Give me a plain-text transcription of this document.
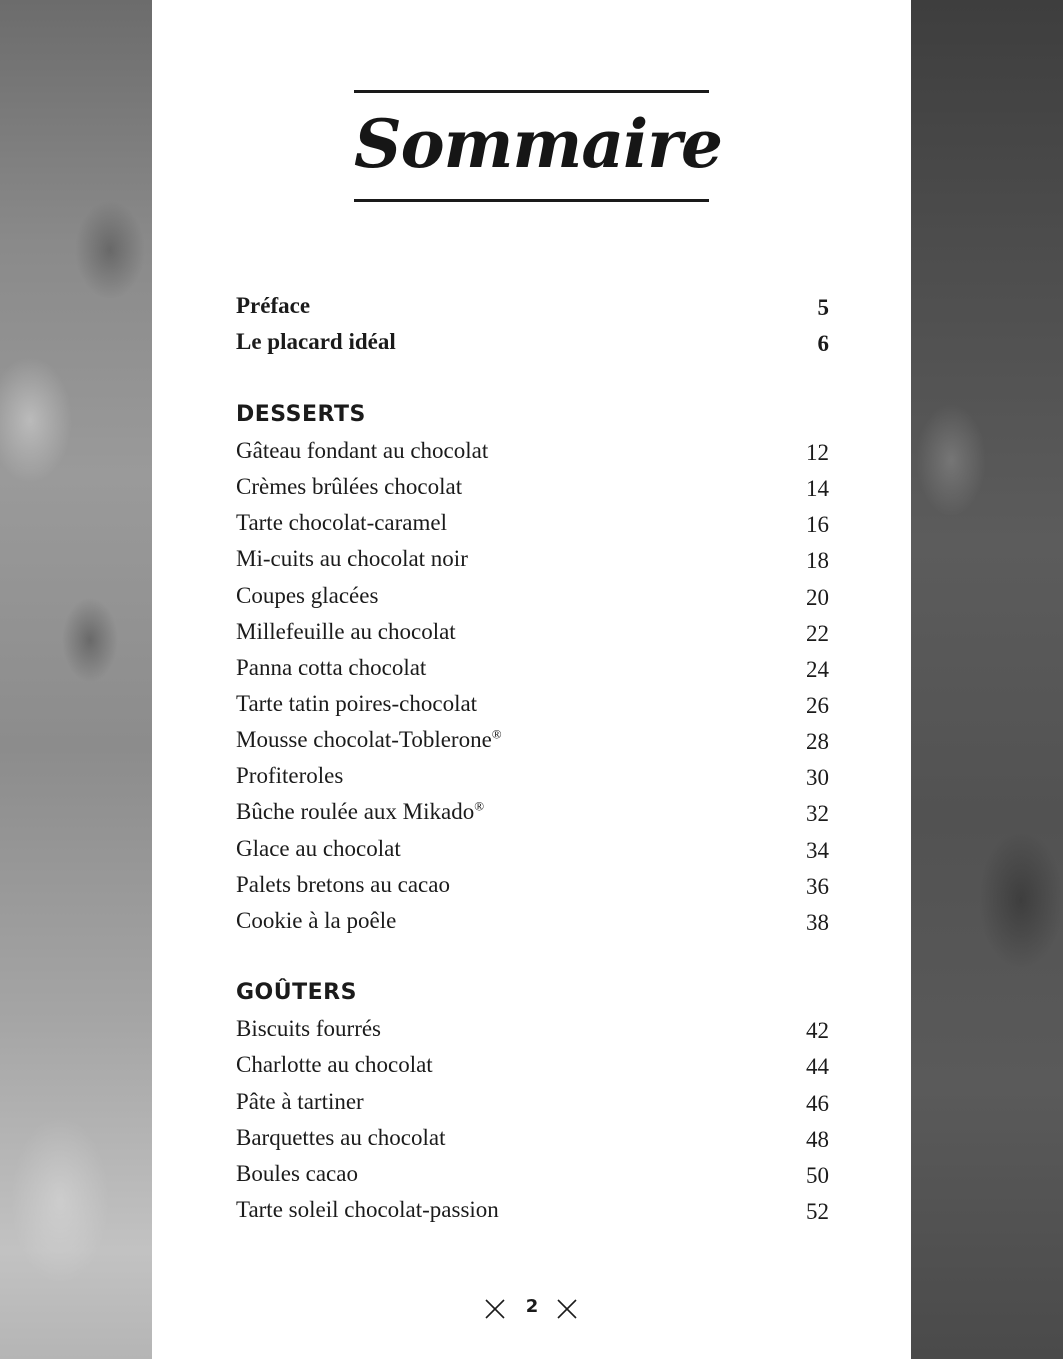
Sommaire
Préface	5
Le placard idéal	6
DESSERTS
Gâteau fondant au chocolat	12
Crèmes brûlées chocolat	14
Tarte chocolat-caramel	16
Mi-cuits au chocolat noir	18
Coupes glacées	20
Millefeuille au chocolat	22
Panna cotta chocolat	24
Tarte tatin poires-chocolat	26
Mousse chocolat-Toblerone®	28
Profiteroles	30
Bûche roulée aux Mikado®	32
Glace au chocolat	34
Palets bretons au cacao	36
Cookie à la poêle	38
GOÛTERS
Biscuits fourrés	42
Charlotte au chocolat	44
Pâte à tartiner	46
Barquettes au chocolat	48
Boules cacao	50
Tarte soleil chocolat-passion	52
2
